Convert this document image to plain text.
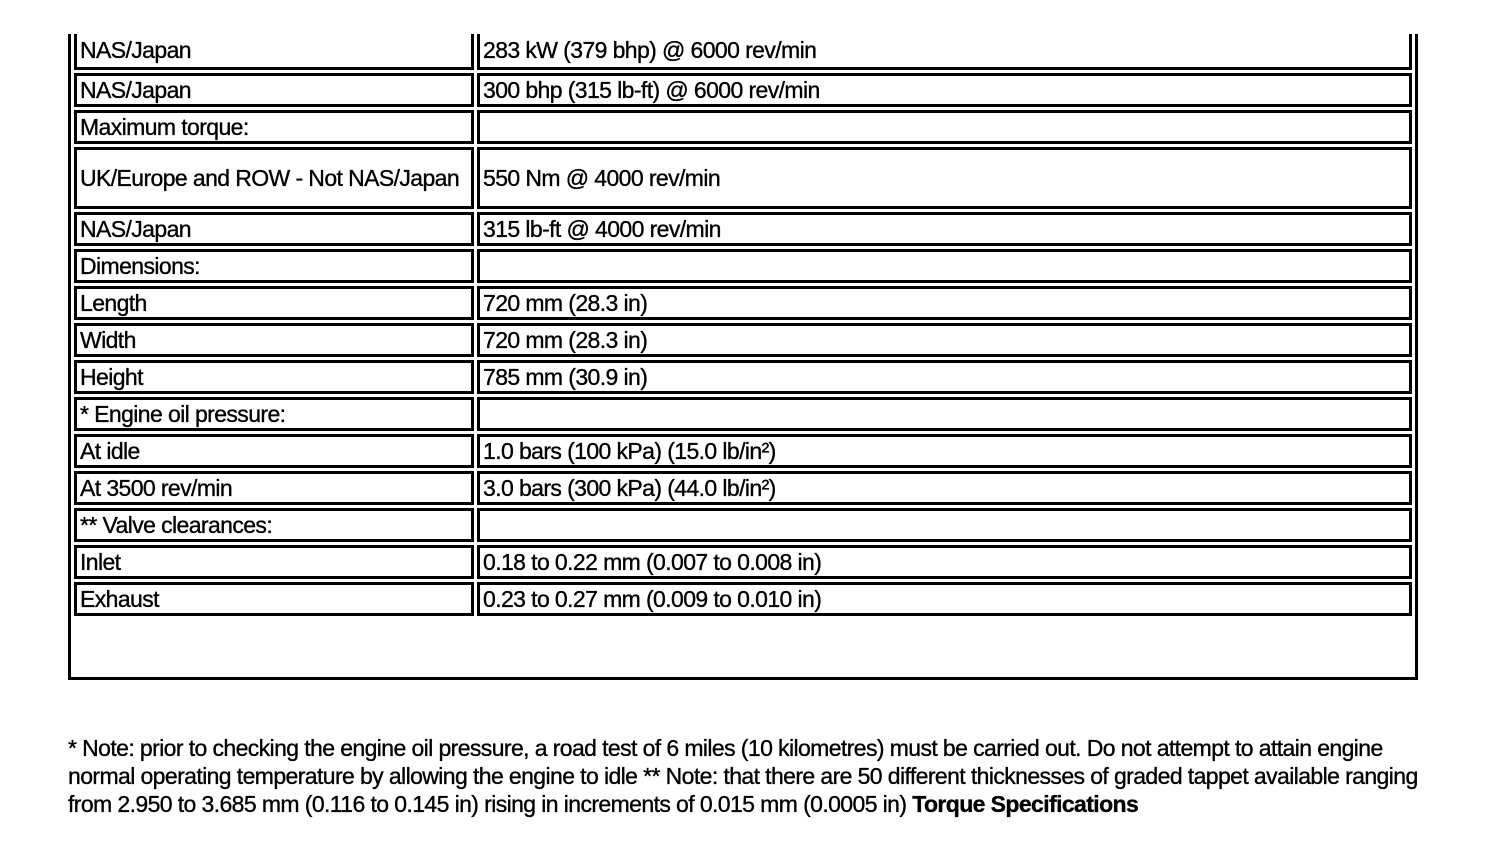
NAS/Japan	283 kW (379 bhp) @ 6000 rev/min
NAS/Japan	300 bhp (315 lb-ft) @ 6000 rev/min
Maximum torque:	
UK/Europe and ROW - Not NAS/Japan	550 Nm @ 4000 rev/min
NAS/Japan	315 lb-ft @ 4000 rev/min
Dimensions:	
Length	720 mm (28.3 in)
Width	720 mm (28.3 in)
Height	785 mm (30.9 in)
* Engine oil pressure:	
At idle	1.0 bars (100 kPa) (15.0 lb/in²)
At 3500 rev/min	3.0 bars (300 kPa) (44.0 lb/in²)
** Valve clearances:	
Inlet	0.18 to 0.22 mm (0.007 to 0.008 in)
Exhaust	0.23 to 0.27 mm (0.009 to 0.010 in)
* Note: prior to checking the engine oil pressure, a road test of 6 miles (10 kilometres) must be carried out. Do not attempt to attain engine normal operating temperature by allowing the engine to idle ** Note: that there are 50 different thicknesses of graded tappet available ranging from 2.950 to 3.685 mm (0.116 to 0.145 in) rising in increments of 0.015 mm (0.0005 in) Torque Specifications
